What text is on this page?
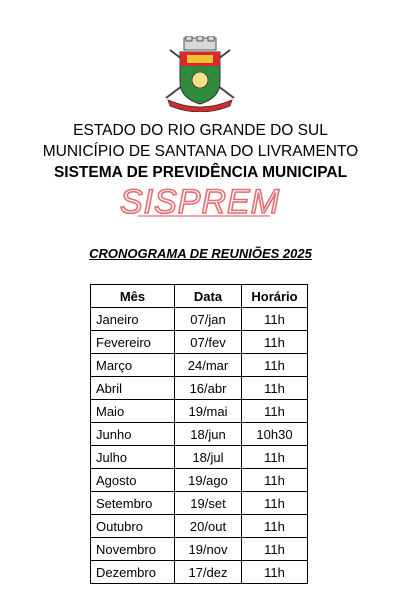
ESTADO DO RIO GRANDE DO SUL
MUNICÍPIO DE SANTANA DO LIVRAMENTO
SISTEMA DE PREVIDÊNCIA MUNICIPAL
SISPREM
CRONOGRAMA DE REUNIÕES 2025
Mês	Data	Horário
Janeiro	07/jan	11h
Fevereiro	07/fev	11h
Março	24/mar	11h
Abril	16/abr	11h
Maio	19/mai	11h
Junho	18/jun	10h30
Julho	18/jul	11h
Agosto	19/ago	11h
Setembro	19/set	11h
Outubro	20/out	11h
Novembro	19/nov	11h
Dezembro	17/dez	11h
